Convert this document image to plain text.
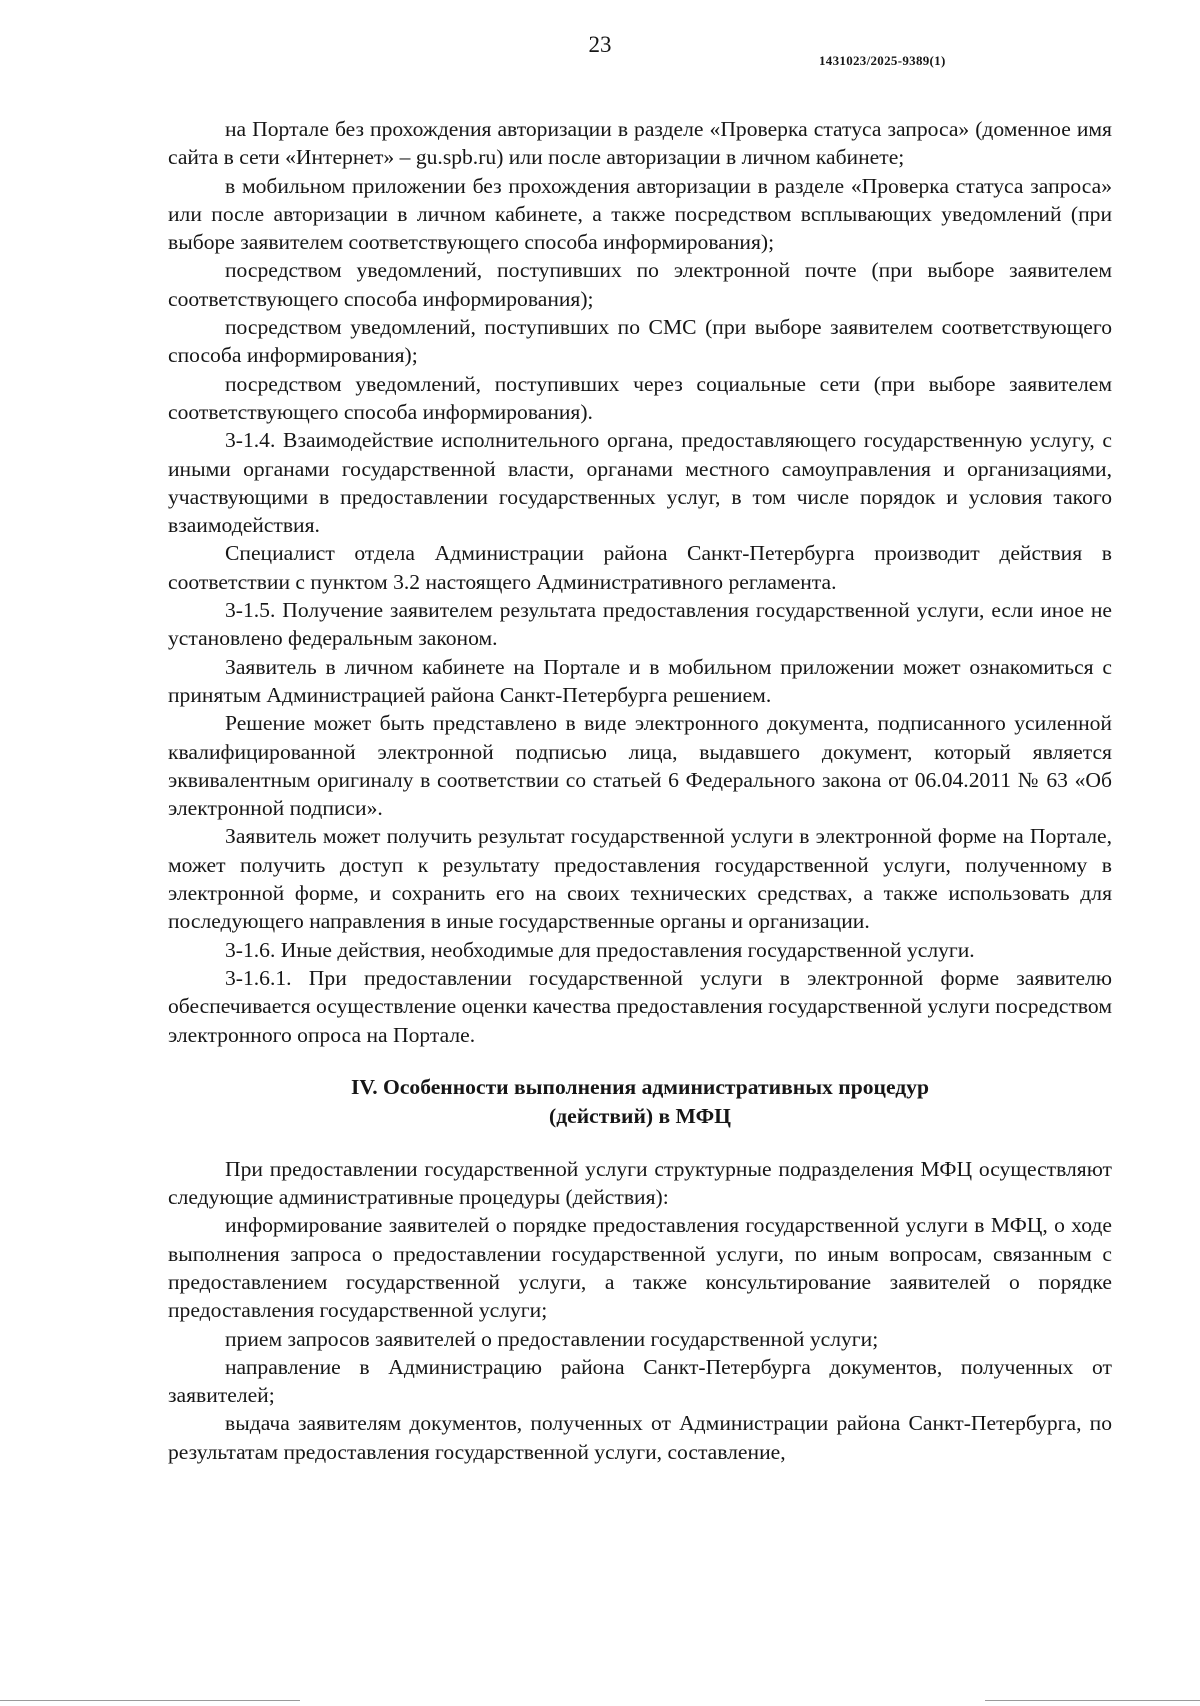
23
1431023/2025-9389(1)

на Портале без прохождения авторизации в разделе «Проверка статуса запроса» (доменное имя сайта в сети «Интернет» – gu.spb.ru) или после авторизации в личном кабинете;

в мобильном приложении без прохождения авторизации в разделе «Проверка статуса запроса» или после авторизации в личном кабинете, а также посредством всплывающих уведомлений (при выборе заявителем соответствующего способа информирования);

посредством уведомлений, поступивших по электронной почте (при выборе заявителем соответствующего способа информирования);

посредством уведомлений, поступивших по СМС (при выборе заявителем соответствующего способа информирования);

посредством уведомлений, поступивших через социальные сети (при выборе заявителем соответствующего способа информирования).

3-1.4. Взаимодействие исполнительного органа, предоставляющего государственную услугу, с иными органами государственной власти, органами местного самоуправления и организациями, участвующими в предоставлении государственных услуг, в том числе порядок и условия такого взаимодействия.

Специалист отдела Администрации района Санкт-Петербурга производит действия в соответствии с пунктом 3.2 настоящего Административного регламента.

3-1.5. Получение заявителем результата предоставления государственной услуги, если иное не установлено федеральным законом.

Заявитель в личном кабинете на Портале и в мобильном приложении может ознакомиться с принятым Администрацией района Санкт-Петербурга решением.

Решение может быть представлено в виде электронного документа, подписанного усиленной квалифицированной электронной подписью лица, выдавшего документ, который является эквивалентным оригиналу в соответствии со статьей 6 Федерального закона от 06.04.2011 № 63 «Об электронной подписи».

Заявитель может получить результат государственной услуги в электронной форме на Портале, может получить доступ к результату предоставления государственной услуги, полученному в электронной форме, и сохранить его на своих технических средствах, а также использовать для последующего направления в иные государственные органы и организации.

3-1.6. Иные действия, необходимые для предоставления государственной услуги.

3-1.6.1. При предоставлении государственной услуги в электронной форме заявителю обеспечивается осуществление оценки качества предоставления государственной услуги посредством электронного опроса на Портале.

IV. Особенности выполнения административных процедур
(действий) в МФЦ

При предоставлении государственной услуги структурные подразделения МФЦ осуществляют следующие административные процедуры (действия):

информирование заявителей о порядке предоставления государственной услуги в МФЦ, о ходе выполнения запроса о предоставлении государственной услуги, по иным вопросам, связанным с предоставлением государственной услуги, а также консультирование заявителей о порядке предоставления государственной услуги;

прием запросов заявителей о предоставлении государственной услуги;

направление в Администрацию района Санкт-Петербурга документов, полученных от заявителей;

выдача заявителям документов, полученных от Администрации района Санкт-Петербурга, по результатам предоставления государственной услуги, составление,
